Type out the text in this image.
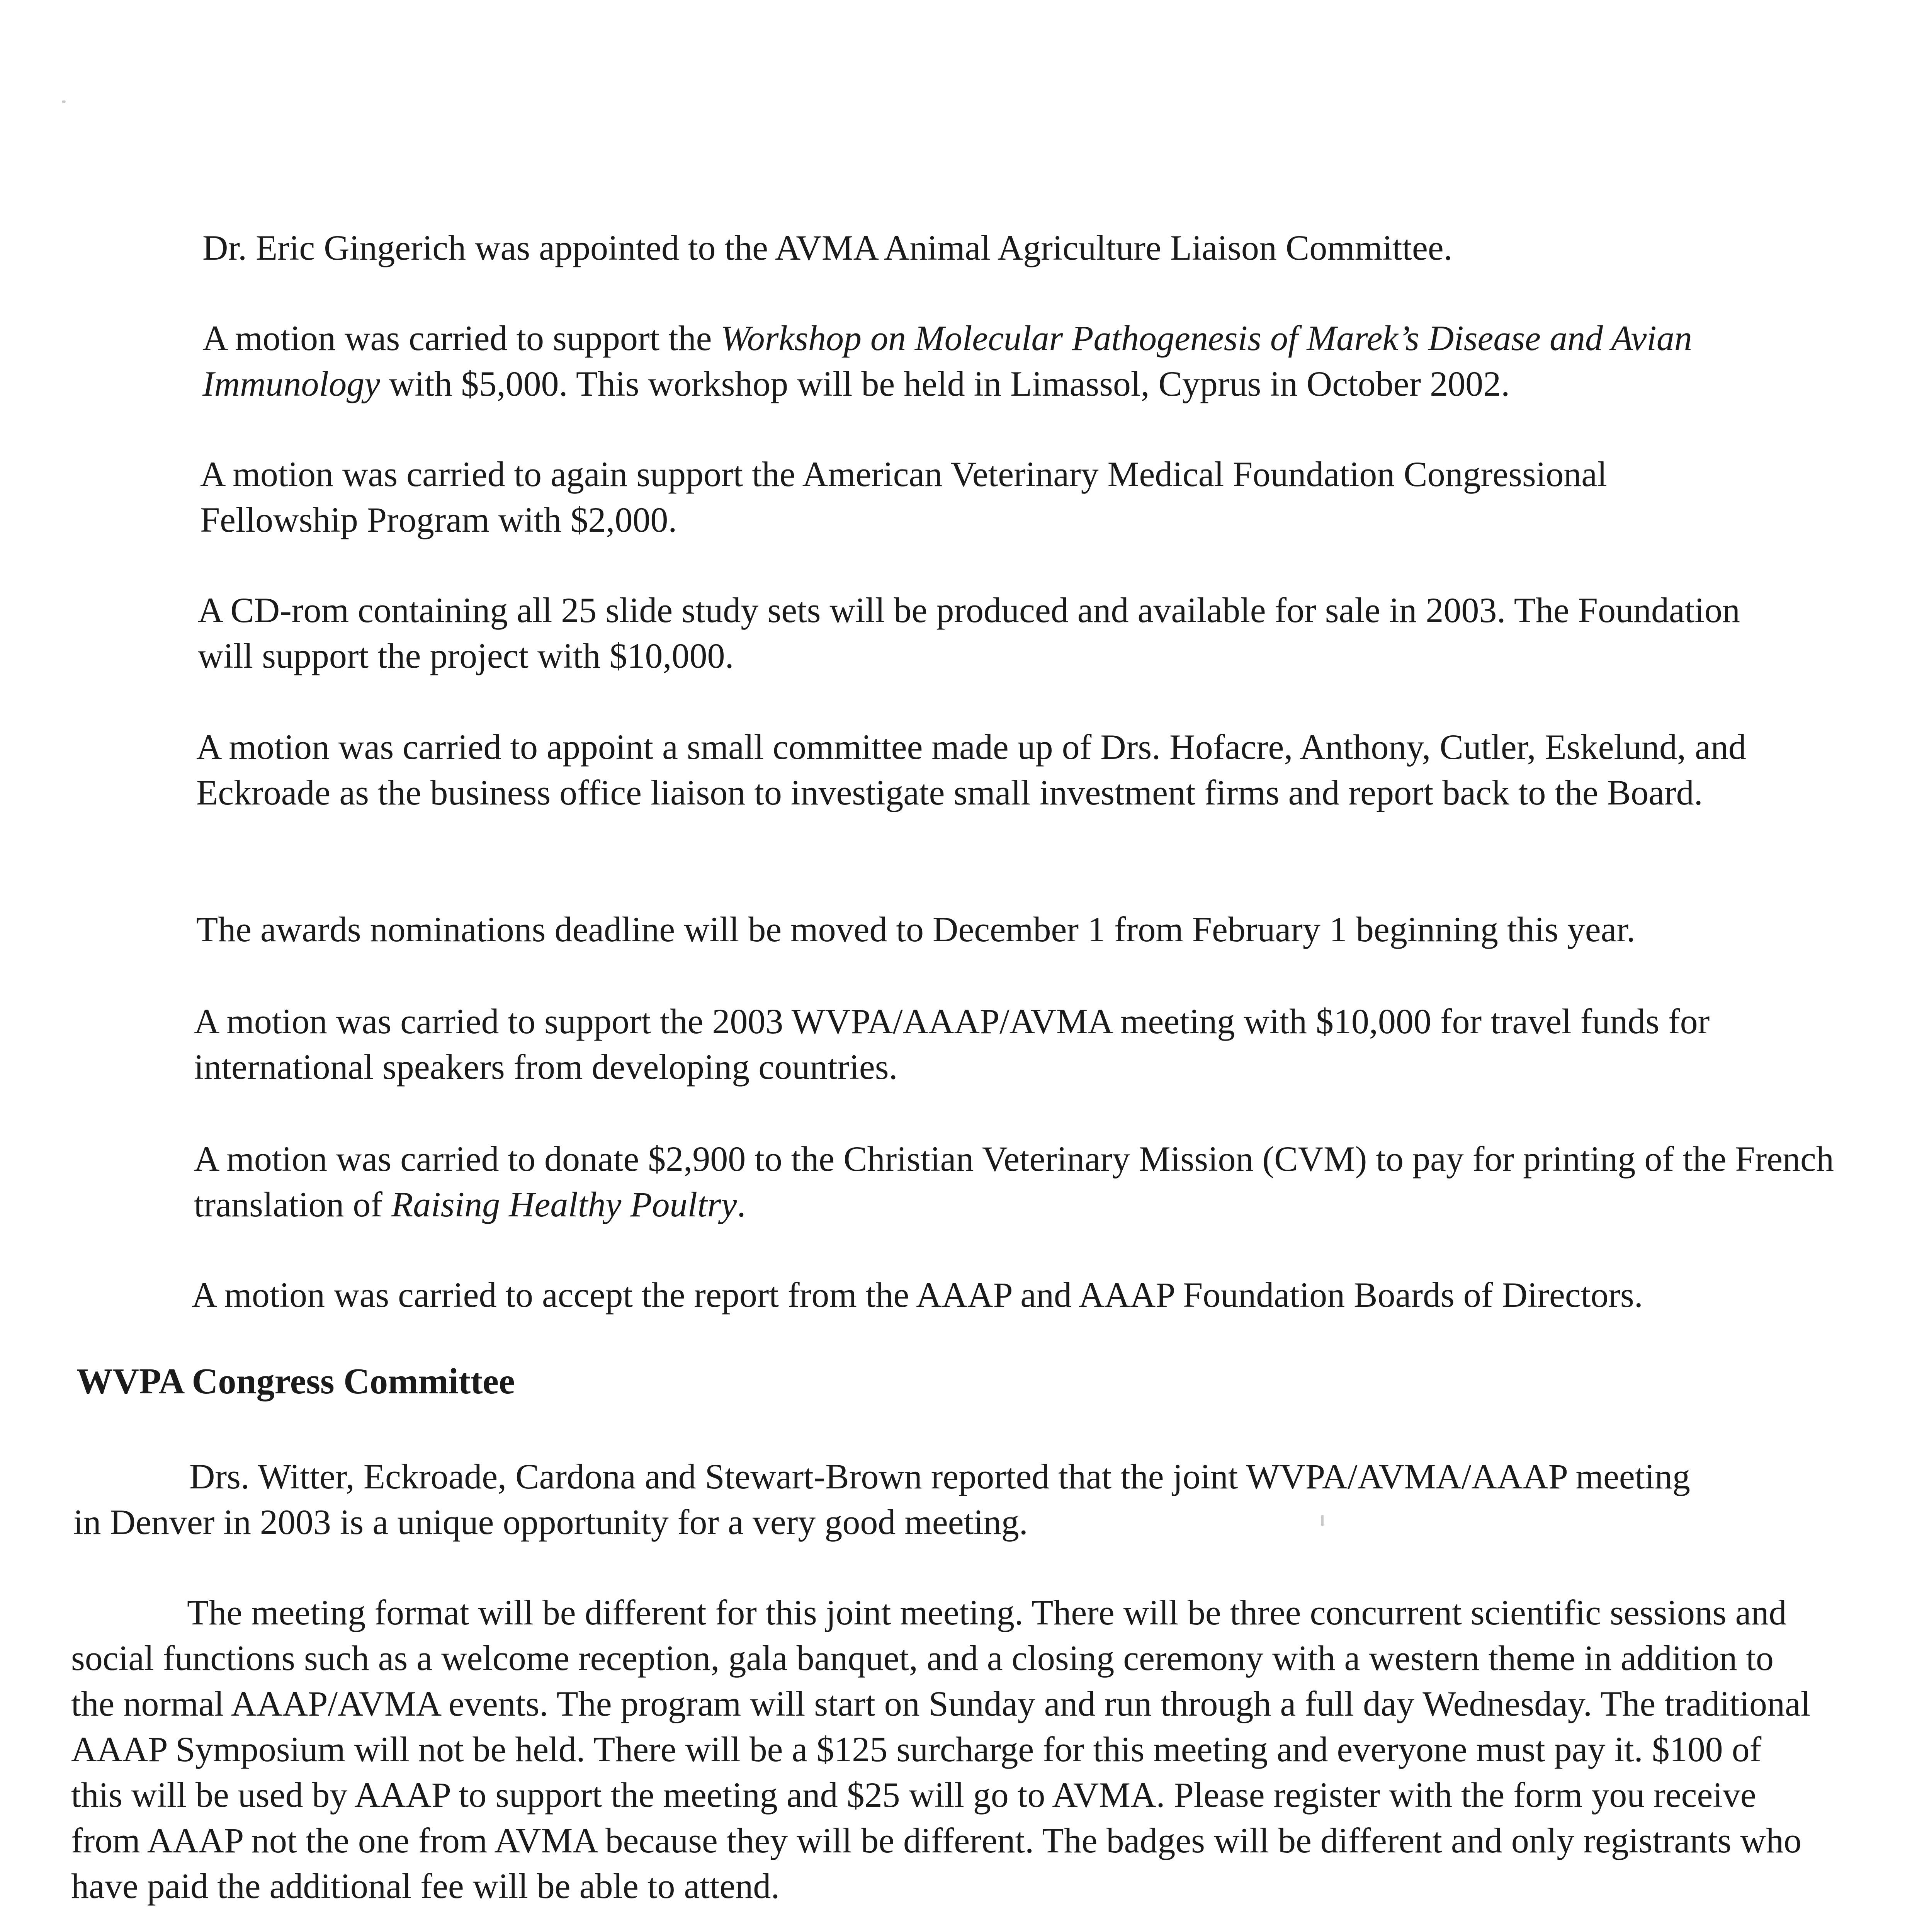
Dr. Eric Gingerich was appointed to the AVMA Animal Agriculture Liaison Committee.

A motion was carried to support the Workshop on Molecular Pathogenesis of Marek’s Disease and Avian Immunology with $5,000. This workshop will be held in Limassol, Cyprus in October 2002.

A motion was carried to again support the American Veterinary Medical Foundation Congressional Fellowship Program with $2,000.

A CD-rom containing all 25 slide study sets will be produced and available for sale in 2003. The Foundation will support the project with $10,000.

A motion was carried to appoint a small committee made up of Drs. Hofacre, Anthony, Cutler, Eskelund, and Eckroade as the business office liaison to investigate small investment firms and report back to the Board.

The awards nominations deadline will be moved to December 1 from February 1 beginning this year.

A motion was carried to support the 2003 WVPA/AAAP/AVMA meeting with $10,000 for travel funds for international speakers from developing countries.

A motion was carried to donate $2,900 to the Christian Veterinary Mission (CVM) to pay for printing of the French translation of Raising Healthy Poultry.

A motion was carried to accept the report from the AAAP and AAAP Foundation Boards of Directors.

WVPA Congress Committee

Drs. Witter, Eckroade, Cardona and Stewart-Brown reported that the joint WVPA/AVMA/AAAP meeting in Denver in 2003 is a unique opportunity for a very good meeting.

The meeting format will be different for this joint meeting. There will be three concurrent scientific sessions and social functions such as a welcome reception, gala banquet, and a closing ceremony with a western theme in addition to the normal AAAP/AVMA events. The program will start on Sunday and run through a full day Wednesday. The traditional AAAP Symposium will not be held. There will be a $125 surcharge for this meeting and everyone must pay it. $100 of this will be used by AAAP to support the meeting and $25 will go to AVMA. Please register with the form you receive from AAAP not the one from AVMA because they will be different. The badges will be different and only registrants who have paid the additional fee will be able to attend.
